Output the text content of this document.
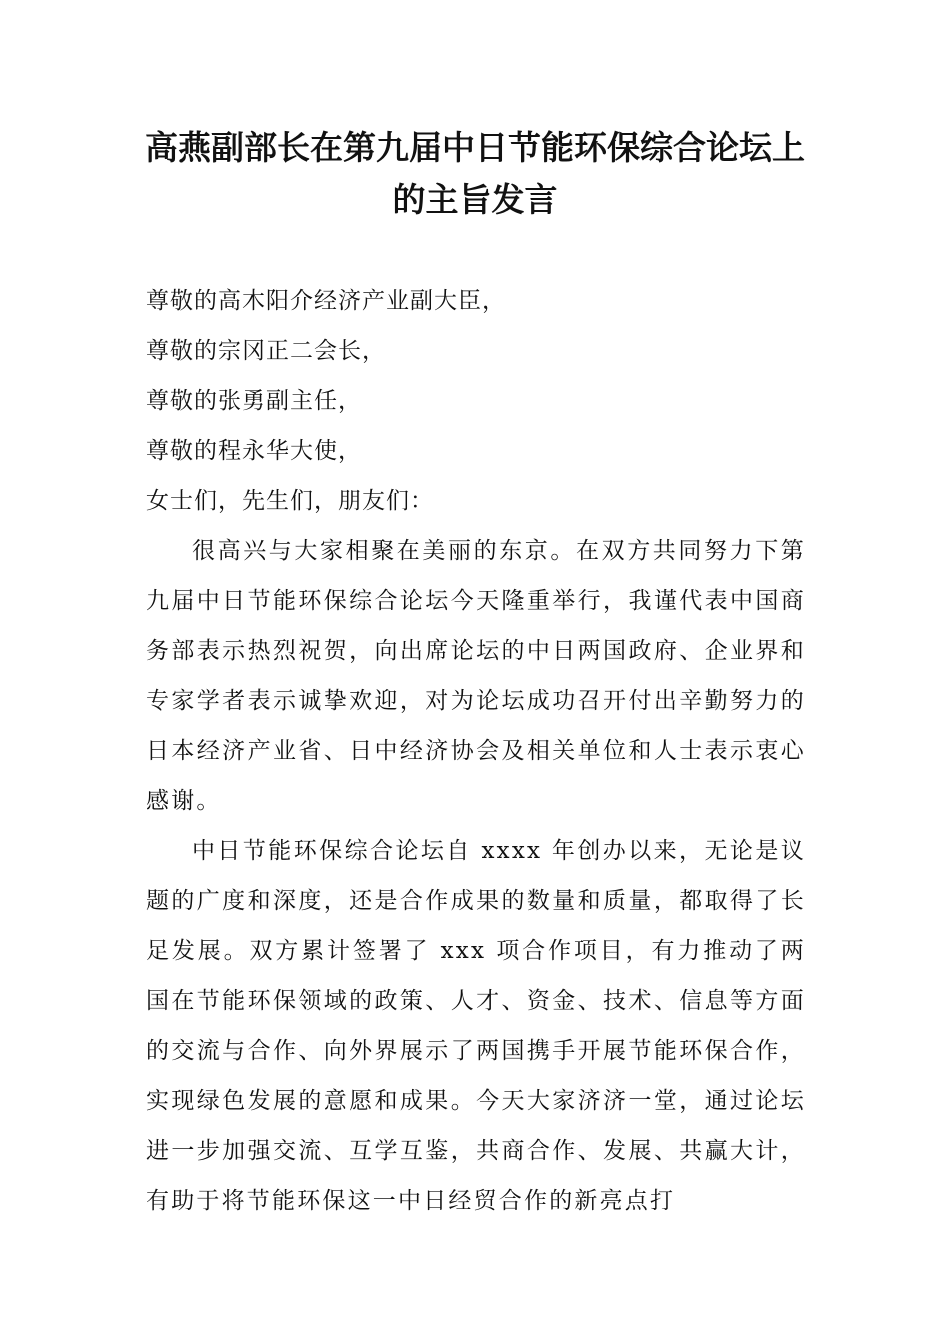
高燕副部长在第九届中日节能环保综合论坛上的主旨发言

尊敬的高木阳介经济产业副大臣，

尊敬的宗冈正二会长，

尊敬的张勇副主任，

尊敬的程永华大使，

女士们，先生们，朋友们：

很高兴与大家相聚在美丽的东京。在双方共同努力下第九届中日节能环保综合论坛今天隆重举行，我谨代表中国商务部表示热烈祝贺，向出席论坛的中日两国政府、企业界和专家学者表示诚挚欢迎，对为论坛成功召开付出辛勤努力的日本经济产业省、日中经济协会及相关单位和人士表示衷心感谢。

中日节能环保综合论坛自 xxxx 年创办以来，无论是议题的广度和深度，还是合作成果的数量和质量，都取得了长足发展。双方累计签署了 xxx 项合作项目，有力推动了两国在节能环保领域的政策、人才、资金、技术、信息等方面的交流与合作、向外界展示了两国携手开展节能环保合作，实现绿色发展的意愿和成果。今天大家济济一堂，通过论坛进一步加强交流、互学互鉴，共商合作、发展、共赢大计，有助于将节能环保这一中日经贸合作的新亮点打
